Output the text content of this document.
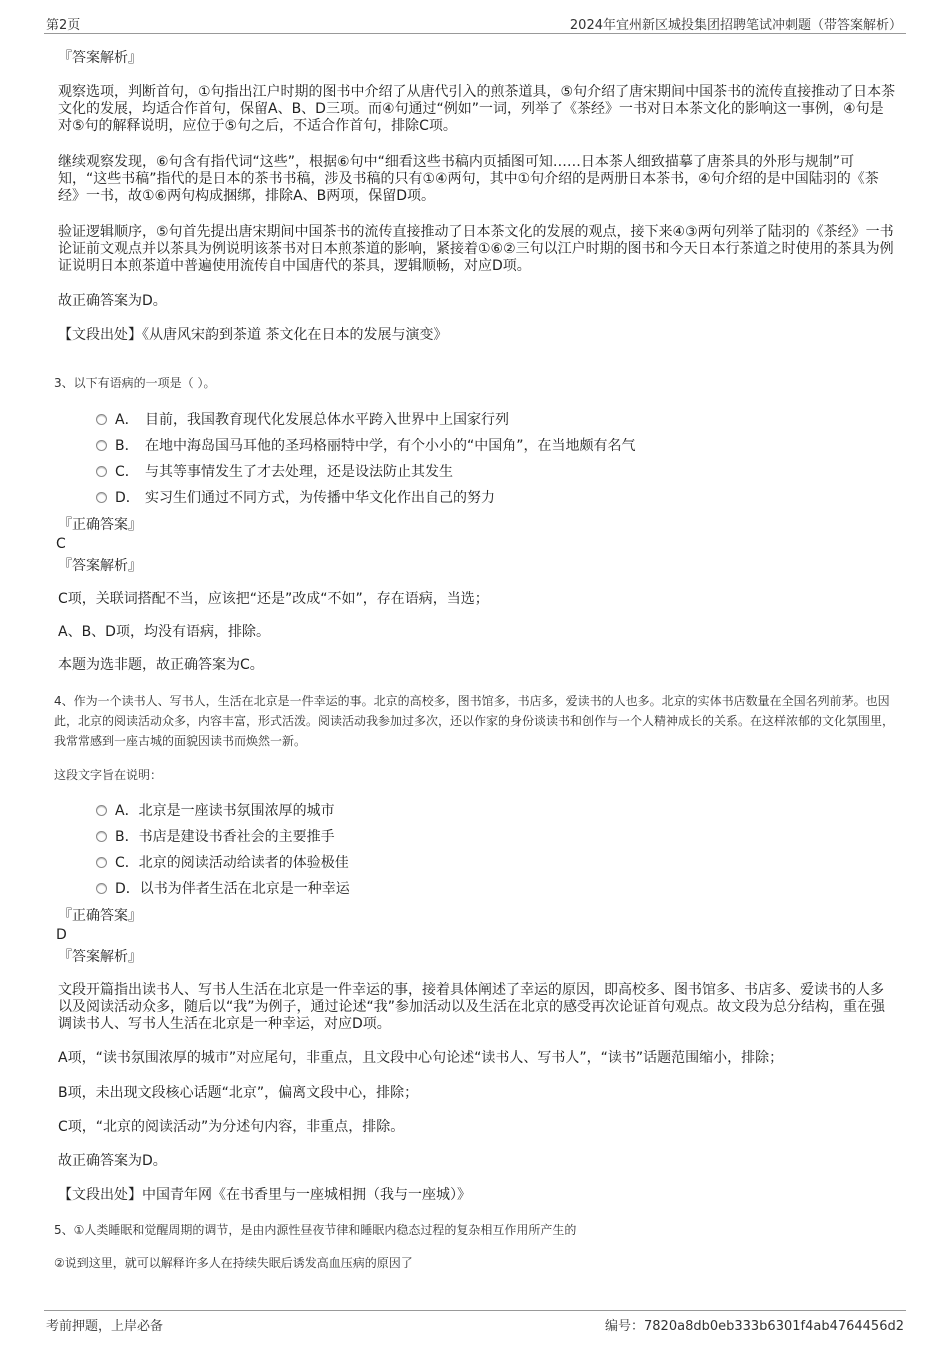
第2页	2024年宜州新区城投集团招聘笔试冲刺题（带答案解析）
『答案解析』
观察选项，判断首句，①句指出江户时期的图书中介绍了从唐代引入的煎茶道具，⑤句介绍了唐宋期间中国茶书的流传直接推动了日本茶文化的发展，均适合作首句，保留A、B、D三项。而④句通过“例如”一词，列举了《茶经》一书对日本茶文化的影响这一事例，④句是对⑤句的解释说明，应位于⑤句之后，不适合作首句，排除C项。
继续观察发现，⑥句含有指代词“这些”，根据⑥句中“细看这些书稿内页插图可知……日本茶人细致描摹了唐茶具的外形与规制”可知，“这些书稿”指代的是日本的茶书书稿，涉及书稿的只有①④两句，其中①句介绍的是两册日本茶书，④句介绍的是中国陆羽的《茶经》一书，故①⑥两句构成捆绑，排除A、B两项，保留D项。
验证逻辑顺序，⑤句首先提出唐宋期间中国茶书的流传直接推动了日本茶文化的发展的观点，接下来④③两句列举了陆羽的《茶经》一书论证前文观点并以茶具为例说明该茶书对日本煎茶道的影响，紧接着①⑥②三句以江户时期的图书和今天日本行茶道之时使用的茶具为例证说明日本煎茶道中普遍使用流传自中国唐代的茶具，逻辑顺畅，对应D项。
故正确答案为D。
【文段出处】《从唐风宋韵到茶道 茶文化在日本的发展与演变》
3、以下有语病的一项是（ ）。
A． 目前，我国教育现代化发展总体水平跨入世界中上国家行列
B． 在地中海岛国马耳他的圣玛格丽特中学，有个小小的“中国角”，在当地颇有名气
C． 与其等事情发生了才去处理，还是设法防止其发生
D． 实习生们通过不同方式，为传播中华文化作出自己的努力
『正确答案』
C
『答案解析』
C项，关联词搭配不当，应该把“还是”改成“不如”，存在语病，当选；
A、B、D项，均没有语病，排除。
本题为选非题，故正确答案为C。
4、作为一个读书人、写书人，生活在北京是一件幸运的事。北京的高校多，图书馆多，书店多，爱读书的人也多。北京的实体书店数量在全国名列前茅。也因此，北京的阅读活动众多，内容丰富，形式活泼。阅读活动我参加过多次，还以作家的身份谈读书和创作与一个人精神成长的关系。在这样浓郁的文化氛围里，我常常感到一座古城的面貌因读书而焕然一新。
这段文字旨在说明：
A．北京是一座读书氛围浓厚的城市
B．书店是建设书香社会的主要推手
C．北京的阅读活动给读者的体验极佳
D．以书为伴者生活在北京是一种幸运
『正确答案』
D
『答案解析』
文段开篇指出读书人、写书人生活在北京是一件幸运的事，接着具体阐述了幸运的原因，即高校多、图书馆多、书店多、爱读书的人多以及阅读活动众多，随后以“我”为例子，通过论述“我”参加活动以及生活在北京的感受再次论证首句观点。故文段为总分结构，重在强调读书人、写书人生活在北京是一种幸运，对应D项。
A项，“读书氛围浓厚的城市”对应尾句，非重点，且文段中心句论述“读书人、写书人”，“读书”话题范围缩小，排除；
B项，未出现文段核心话题“北京”，偏离文段中心，排除；
C项，“北京的阅读活动”为分述句内容，非重点，排除。
故正确答案为D。
【文段出处】中国青年网《在书香里与一座城相拥（我与一座城）》
5、①人类睡眠和觉醒周期的调节，是由内源性昼夜节律和睡眠内稳态过程的复杂相互作用所产生的
②说到这里，就可以解释许多人在持续失眠后诱发高血压病的原因了
考前押题，上岸必备	编号：7820a8db0eb333b6301f4ab4764456d2
